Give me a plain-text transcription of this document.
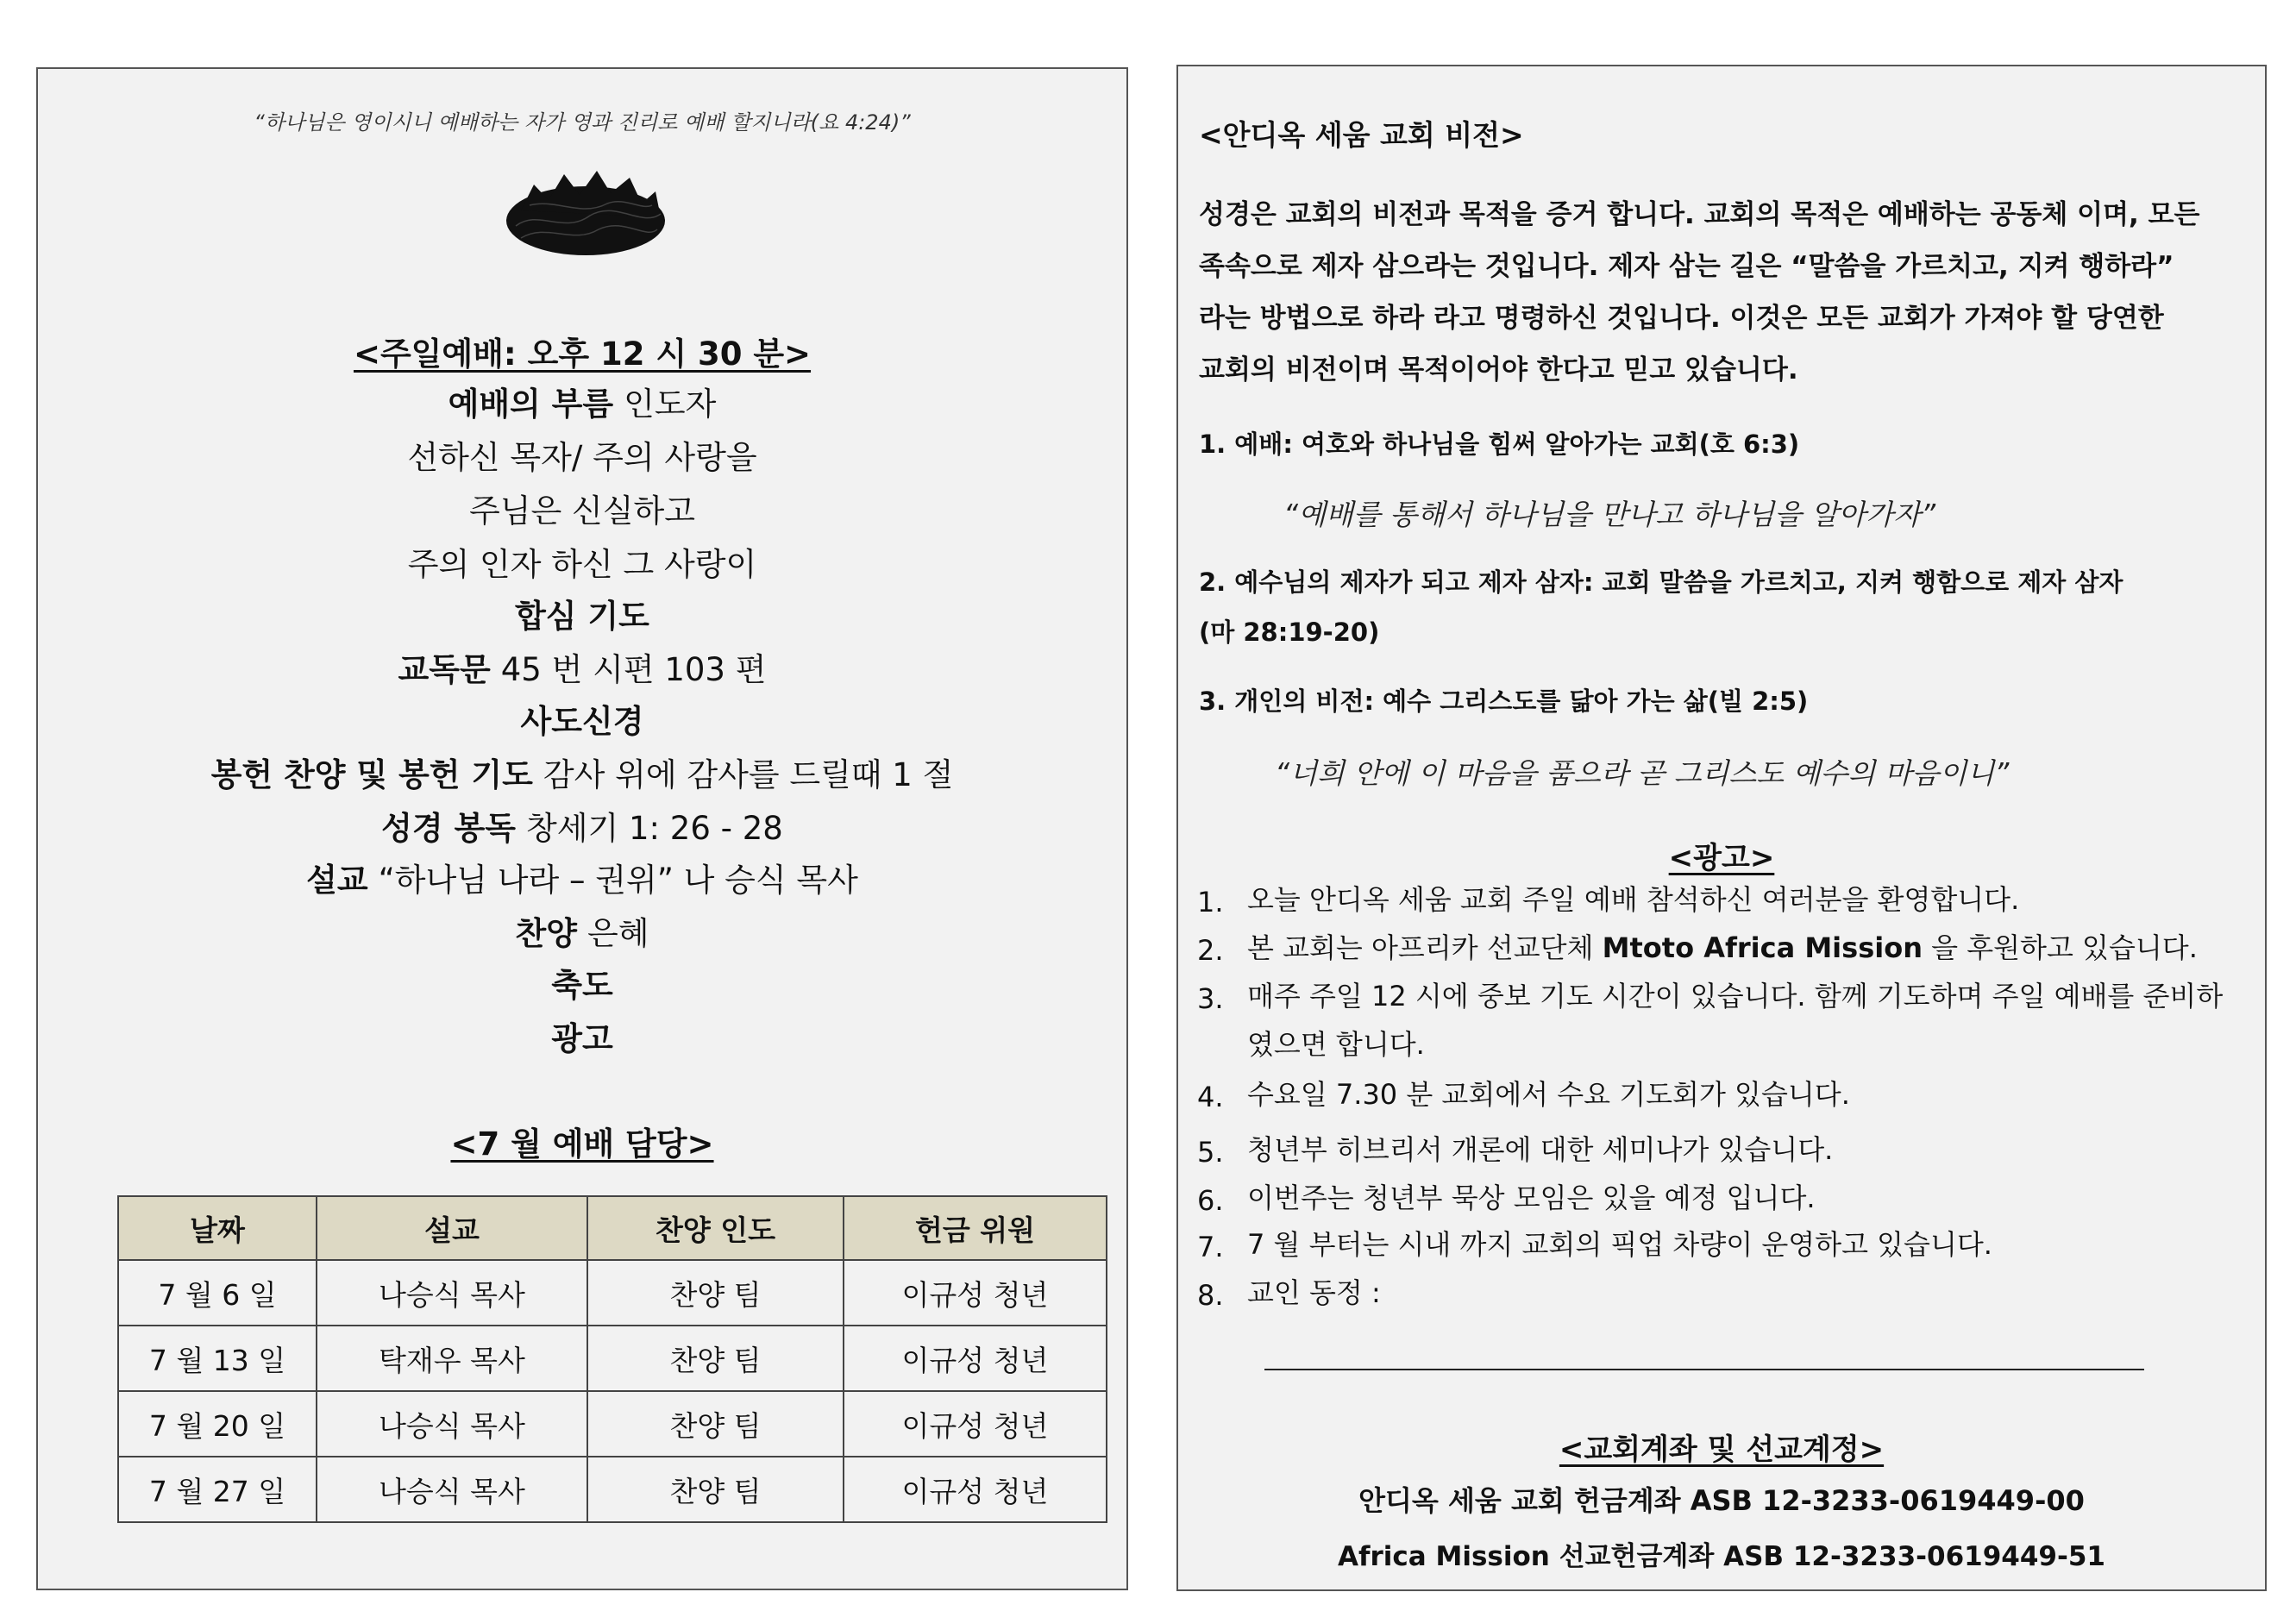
“하나님은 영이시니 예배하는 자가 영과 진리로 예배 할지니라(요 4:24)”
<주일예배: 오후 12 시 30 분>
예배의 부름 인도자
선하신 목자/ 주의 사랑을
주님은 신실하고
주의 인자 하신 그 사랑이
합심 기도
교독문 45 번 시편 103 편
사도신경
봉헌 찬양 및 봉헌 기도 감사 위에 감사를 드릴때 1 절
성경 봉독 창세기 1: 26 - 28
설교 “하나님 나라 – 권위” 나 승식 목사
찬양 은혜
축도
광고
<7 월 예배 담당>
날짜	설교	찬양 인도	헌금 위원
7 월 6 일	나승식 목사	찬양 팀	이규성 청년
7 월 13 일	탁재우 목사	찬양 팀	이규성 청년
7 월 20 일	나승식 목사	찬양 팀	이규성 청년
7 월 27 일	나승식 목사	찬양 팀	이규성 청년
<안디옥 세움 교회 비전>
성경은 교회의 비전과 목적을 증거 합니다. 교회의 목적은 예배하는 공동체 이며, 모든
족속으로 제자 삼으라는 것입니다. 제자 삼는 길은 “말씀을 가르치고, 지켜 행하라”
라는 방법으로 하라 라고 명령하신 것입니다. 이것은 모든 교회가 가져야 할 당연한
교회의 비전이며 목적이어야 한다고 믿고 있습니다.
1. 예배: 여호와 하나님을 힘써 알아가는 교회(호 6:3)
“예배를 통해서 하나님을 만나고 하나님을 알아가자”
2. 예수님의 제자가 되고 제자 삼자: 교회 말씀을 가르치고, 지켜 행함으로 제자 삼자
(마 28:19-20)
3. 개인의 비전: 예수 그리스도를 닮아 가는 삶(빌 2:5)
“너희 안에 이 마음을 품으라 곧 그리스도 예수의 마음이니”
<광고>
1. 오늘 안디옥 세움 교회 주일 예배 참석하신 여러분을 환영합니다.
2. 본 교회는 아프리카 선교단체 Mtoto Africa Mission 을 후원하고 있습니다.
3. 매주 주일 12 시에 중보 기도 시간이 있습니다. 함께 기도하며 주일 예배를 준비하였으면 합니다.
4. 수요일 7.30 분 교회에서 수요 기도회가 있습니다.
5. 청년부 히브리서 개론에 대한 세미나가 있습니다.
6. 이번주는 청년부 묵상 모임은 있을 예정 입니다.
7. 7 월 부터는 시내 까지 교회의 픽업 차량이 운영하고 있습니다.
8. 교인 동정 :
<교회계좌 및 선교계정>
안디옥 세움 교회 헌금계좌 ASB 12-3233-0619449-00
Africa Mission 선교헌금계좌 ASB 12-3233-0619449-51
